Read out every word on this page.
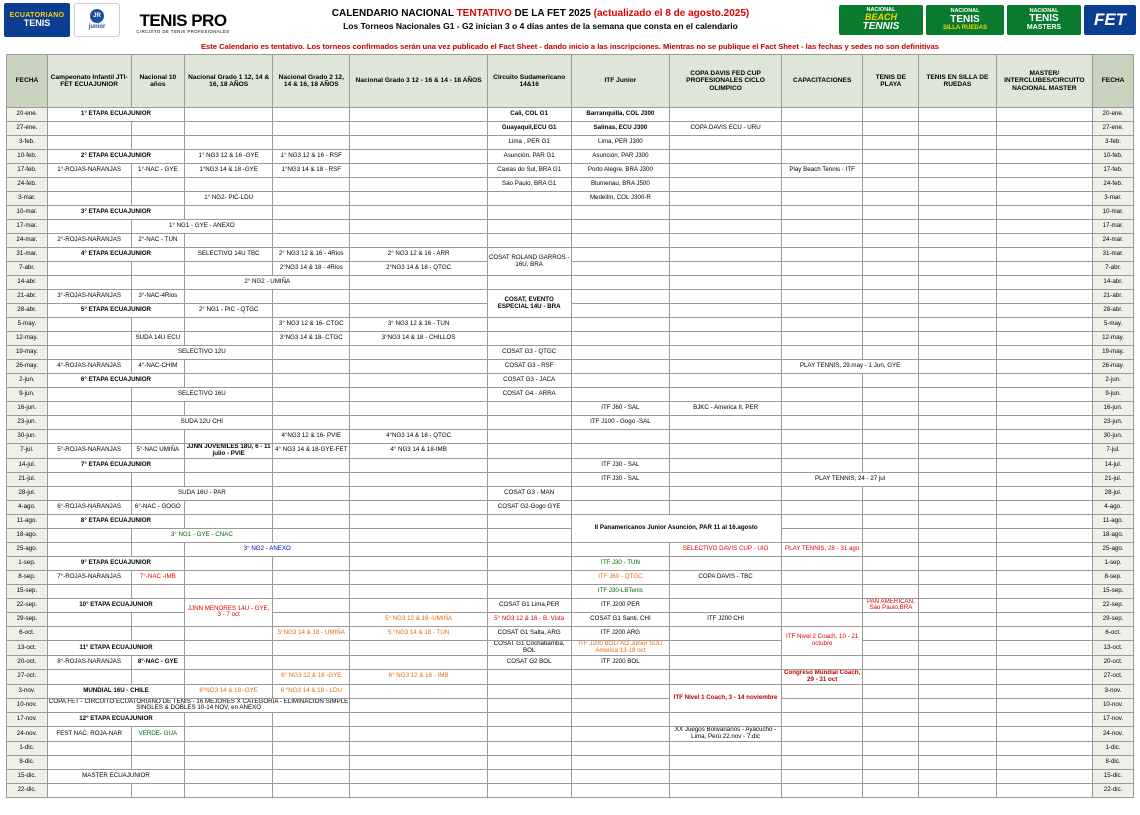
ECUATORIANO
TENIS
JR
junior TENIS PRO
CIRCUITO DE TENIS PROFESIONALES
CALENDARIO NACIONAL TENTATIVO DE LA FET 2025 (actualizado el 8 de agosto.2025)
Los Torneos Nacionales G1 - G2 inician 3 o 4 días antes de la semana que consta en el calendario
NACIONAL
BEACH
TENNIS
NACIONAL
TENIS
SILLA RUEDAS
NACIONAL
TENIS
MASTERS	FET
Este Calendario es tentativo. Los torneos confirmados serán una vez publicado el Fact Sheet - dando inicio a las inscripciones. Mientras no se publique el Fact Sheet - las fechas y sedes no son definitivas
FECHA	Campeonato Infantil JTI-FET ECUAJUNIOR	Nacional 10 años	Nacional Grado 1 12, 14 & 16, 18 AÑOS	Nacional Grado 2 12, 14 & 16, 18 AÑOS	Nacional Grado 3 12 - 16 & 14 - 18 AÑOS	Circuito Sudamericano 14&16	ITF Junior	COPA DAVIS FED CUP PROFESIONALES CICLO OLIMPICO	CAPACITACIONES	TENIS DE PLAYA	TENIS EN SILLA DE RUEDAS	MASTER/ INTERCLUBES/CIRCUITO NACIONAL MASTER	FECHA
20-ene.	1° ETAPA ECUAJUNIOR					Cali, COL G1	Barranquilla, COL J300						20-ene.
27-ene.						Guayaquil,ECU G1	Salinas, ECU J300	COPA DAVIS ECU - URU					27-ene.
3-feb.						Lima , PER G1	Lima, PER J300						3-feb.
10-feb.	2° ETAPA ECUAJUNIOR		1° NG3 12 & 16 -GYE	1° NG3 12 & 16 - RSF		Asunción, PAR G1	Asunción, PAR J300						10-feb.
17-feb.	1°-ROJAS-NARANJAS	1°-NAC - GYE	1°NG3 14 & 18 -GYE	1°NG3 14 & 18 - RSF		Caxias do Sul, BRA G1	Porto Alegre, BRA J300		Play Beach Tennis - ITF				17-feb.
24-feb.						Sao Paulo, BRA G1	Blumenau, BRA J500						24-feb.
3-mar.			1° NG2- PIC-LDU				Medellín, COL J300-R						3-mar.
10-mar.	3° ETAPA ECUAJUNIOR												10-mar.
17-mar.		1° NG1 - GYE - ANEXO											17-mar.
24-mar.	2°-ROJAS-NARANJAS	2°-NAC - TUN											24-mar.
31-mar.	4° ETAPA ECUAJUNIOR		SELECTIVO 14U TBC	2° NG3 12 & 16 - 4Rios	2° NG3 12 & 16 - ARR	COSAT ROLAND GARROS - 16U, BRA							31-mar.
7-abr.				2°NG3 14 & 18 - 4Rios	2°NG3 14 & 18 - QTGC								7-abr.
14-abr.			2° NG2 - UMIÑA										14-abr.
21-abr.	3°-ROJAS-NARANJAS	3°-NAC-4Rios				COSAT, EVENTO ESPECIAL 14U - BRA							21-abr.
28-abr.	5° ETAPA ECUAJUNIOR		2° NG1 - PIC - QTGC										28-abr.
5-may.				3° NG3 12 & 16- CTGC	3° NG3 12 & 16 - TUN								5-may.
12-may.		SUDA 14U ECU		3°NG3 14 & 18- CTGC	3°NG3 14 & 18 - CHILLOS								12-may.
19-may.		SELECTIVO 12U				COSAT G3 - QTGC							19-may.
26-may.	4°-ROJAS-NARANJAS	4°-NAC-CHIM				COSAT G3 - RSF			PLAY TENNIS, 29.may - 1 Jun, GYE				26-may.
2-jun.	6° ETAPA ECUAJUNIOR					COSAT G3 - JACA							2-jun.
9-jun.		SELECTIVO 16U				COSAT G4 - ARRA							9-jun.
16-jun.							ITF J60 - SAL	BJKC - America II, PER					16-jun.
23-jun.		SUDA 12U CHI					ITF J100 - Gogo -SAL						23-jun.
30-jun.				4°NG3 12 & 16- PVIE	4°NG3 14 & 18 - QTGC								30-jun.
7-jul.	5°-ROJAS-NARANJAS	5°-NAC UMIÑA	JJNN JUVENILES 18U, 6 - 11 julio - PVIE	4° NG3 14 & 18-GYE-FET	4° NG3 14 & 18-IMB								7-jul.
14-jul.	7° ETAPA ECUAJUNIOR						ITF J30 - SAL						14-jul.
21-jul.							ITF J30 - SAL		PLAY TENNIS, 24 - 27 jul				21-jul.
28-jul.		SUDA 16U - PAR				COSAT G3 - MAN							28-jul.
4-ago.	6°-ROJAS-NARANJAS	6°-NAC - GOGO				COSAT G2-Gogo GYE							4-ago.
11-ago.	8° ETAPA ECUAJUNIOR						II Panamericanos Junior Asunción, PAR 11 al 16.agosto						11-ago.
18-ago.		3° NG1 - GYE - CNAC											18-ago.
25-ago.			3° NG2 - ANEXO					SELECTIVO DAVIS CUP - UIO	PLAY TENNIS, 28 - 31 ago				25-ago.
1-sep.	9° ETAPA ECUAJUNIOR						ITF J30 - TUN						1-sep.
8-sep.	7°-ROJAS-NARANJAS	7°-NAC -IMB					ITF J60 - QTGC	COPA DAVIS - TBC					8-sep.
15-sep.							ITF J30-LBTenis						15-sep.
22-sep.	10° ETAPA ECUAJUNIOR		JJNN MENORES 14U - GYE, 3 - 7 oct			COSAT G1 Lima,PER	ITF J200 PER			PAN AMERICAN, Sao Paulo,BRA			22-sep.
29-sep.					5° NG3 12 & 16 -UMIÑA	5° NG3 12 & 16 - B. Vista	COSAT G1 Santi, CHI	ITF J200 CHI					29-sep.
6-oct.				5°NG3 14 & 18 - UMIÑA	5 °NG3 14 & 18 - TUN	COSAT G1 Salta, ARG	ITF J200 ARG		ITF Nivel 2 Coach, 10 - 21 octubre				6-oct.
13-oct.	11° ETAPA ECUAJUNIOR					COSAT G1 Cochabamba, BOL	ITF J200 BOL/ AO Junior SUD America 13-18 oct						13-oct.
20-oct.	8°-ROJAS-NARANJAS	8°-NAC - GYE				COSAT G2 BOL	ITF J200 BOL						20-oct.
27-oct.				6° NG3 12 & 16 -GYE	6° NG3 12 & 16 - IMB				Congreso Mundial Coach, 29 - 31 oct				27-oct.
3-nov.	MUNDIAL 16U - CHILE		6°NG3 14 & 18 -GYE	6 °NG3 14 & 18 - LDU				ITF Nivel 1 Coach, 3 - 14 noviembre					3-nov.
10-nov.	COPA FET - CIRCUITO ECUATORIANO DE TENIS - 16 MEJORES X CATEGORIA - ELIMINACION SIMPLE SINGLES & DOBLES 10-14 NOV, en ANEXO												10-nov.
17-nov.	12° ETAPA ECUAJUNIOR												17-nov.
24-nov.	FEST NAC. ROJA-NAR	VERDE- GUA						XX Juegos Bolivarianos - Ayacucho - Lima, Perú 22.nov - 7.dic					24-nov.
1-dic.													1-dic.
8-dic.													8-dic.
15-dic.	MASTER ECUAJUNIOR												15-dic.
22-dic.													22-dic.
